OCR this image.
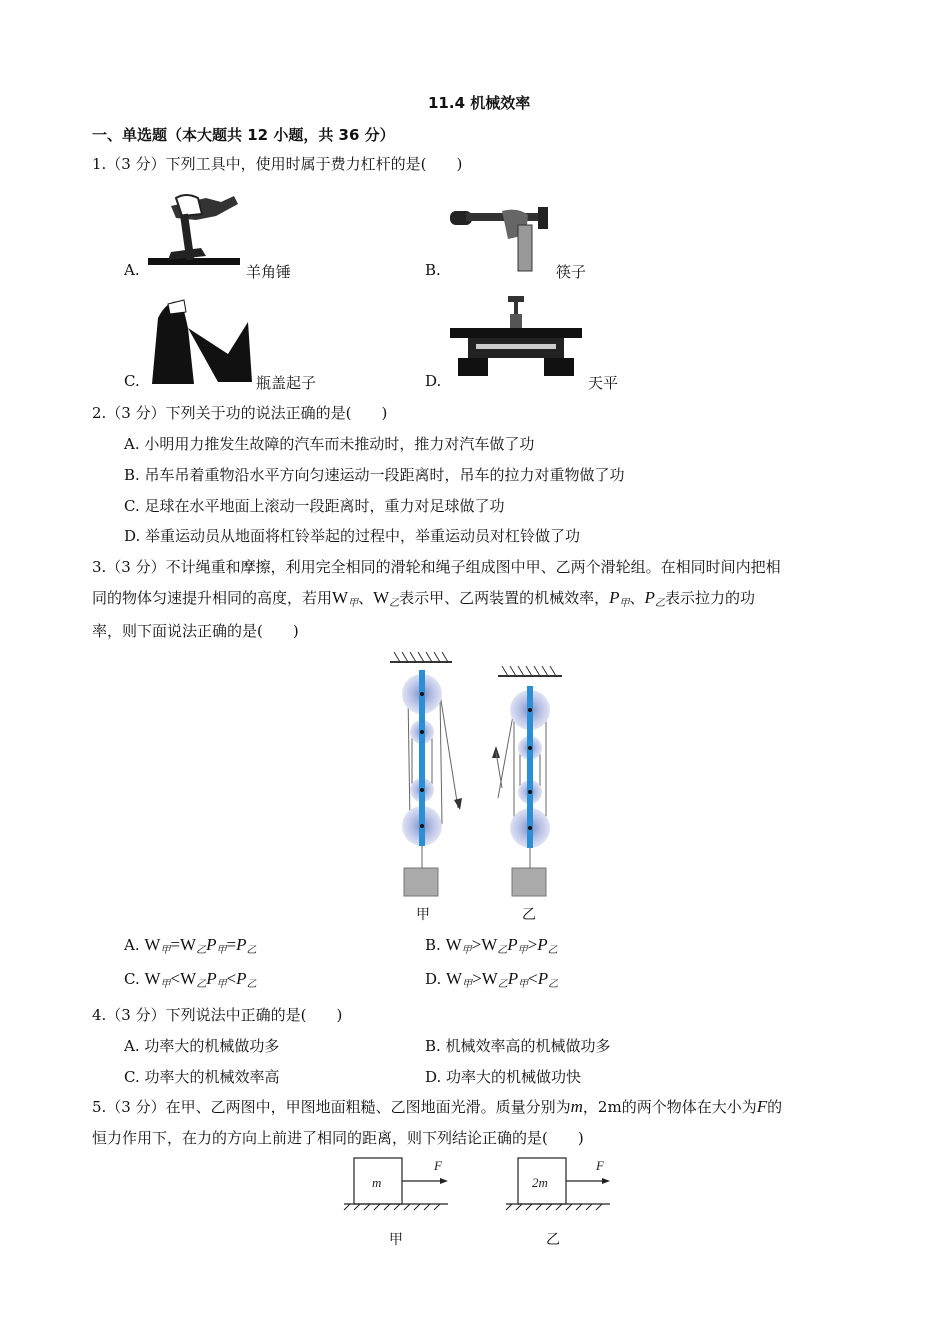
11.4 机械效率
一、单选题（本大题共 12 小题，共 36 分）
1.（3 分）下列工具中，使用时属于费力杠杆的是(　　)
A.	羊角锤	B.	筷子
C.	瓶盖起子	D.	天平
2.（3 分）下列关于功的说法正确的是(　　)
A. 小明用力推发生故障的汽车而未推动时，推力对汽车做了功
B. 吊车吊着重物沿水平方向匀速运动一段距离时，吊车的拉力对重物做了功
C. 足球在水平地面上滚动一段距离时，重力对足球做了功
D. 举重运动员从地面将杠铃举起的过程中，举重运动员对杠铃做了功
3.（3 分）不计绳重和摩擦，利用完全相同的滑轮和绳子组成图中甲、乙两个滑轮组。在相同时间内把相
同的物体匀速提升相同的高度，若用$W_甲$、$W_乙$表示甲、乙两装置的机械效率，$P_甲$、$P_乙$表示拉力的功
率，则下面说法正确的是(　　)
甲	乙
A. $W_甲=W_乙P_甲=P_乙$	B. $W_甲>W_乙P_甲>P_乙$
C. $W_甲<W_乙P_甲<P_乙$	D. $W_甲>W_乙P_甲<P_乙$
4.（3 分）下列说法中正确的是(　　)
A. 功率大的机械做功多	B. 机械效率高的机械做功多
C. 功率大的机械效率高	D. 功率大的机械做功快
5.（3 分）在甲、乙两图中，甲图地面粗糙、乙图地面光滑。质量分别为m，2m的两个物体在大小为F的
恒力作用下，在力的方向上前进了相同的距离，则下列结论正确的是(　　)
m
F
甲
2m
F
乙
